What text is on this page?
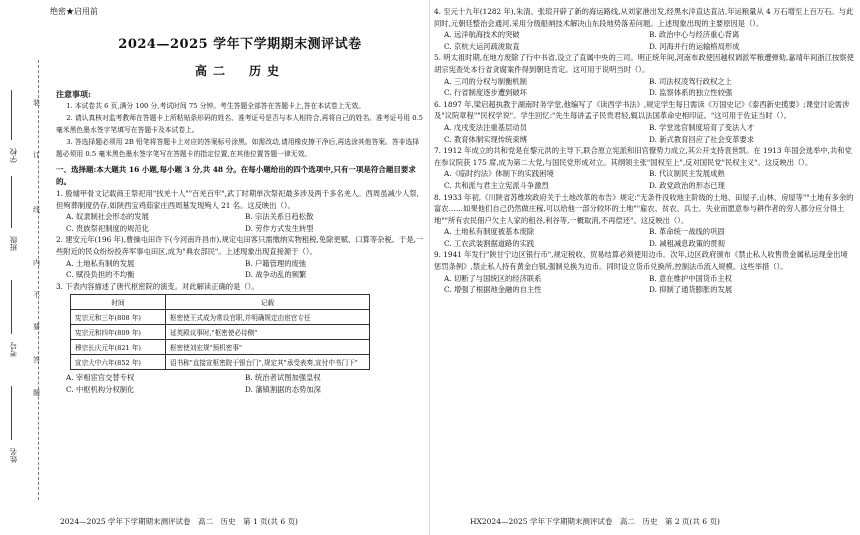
装
订
线
内
不
要
答
题
学校
班级
考号
姓名
绝密★启用前
2024—2025 学年下学期期末测评试卷
高二　历史
注意事项:

1. 本试卷共 6 页,满分 100 分,考试时间 75 分钟。考生答题全部答在答题卡上,答在本试卷上无效。

2. 请认真核对监考教师在答题卡上所粘贴条形码的姓名、准考证号是否与本人相符合,再将自己的姓名、准考证号用 0.5 毫米黑色墨水签字笔填写在答题卡及本试卷上。

3. 答选择题必须用 2B 铅笔将答题卡上对应的答案标号涂黑。如需改动,请用橡皮擦干净后,再选涂其他答案。答非选择题必须用 0.5 毫米黑色墨水签字笔写在答题卡的指定位置,在其他位置答题一律无效。

一、选择题:本大题共 16 小题,每小题 3 分,共 48 分。在每小题给出的四个选项中,只有一项是符合题目要求的。

1. 殷墟甲骨文记载商王祭祀用"找羌十人""百羌百牢",武丁时期单次祭祀最多涉及两千多名羌人。西周虽减少人祭,但殉葬制度仍存,如陕西宝鸡茹家庄西周墓发现殉人 21 名。这反映出（）。

A. 奴隶制社会形态的发展	B. 宗法关系日趋松散
C. 贵族祭祀制度的规范化	D. 劳作方式发生转型

2. 建安元年(196 年),曹操屯田许下(今河南许昌市),规定屯田客只需缴纳实物租税,免除更赋、口算等杂税。于是,一些附近的民众纷纷投奔军事屯田区,成为"典农部民"。上述现象出现直接源于（）。

A. 土地私有制的发展	B. 户籍管理的废弛
C. 赋役负担的不均衡	D. 战争动乱的频繁

3. 下表内容描述了唐代枢密院的演变。对此解读正确的是（）。

时间	记载
宪宗元和三年(808 年)	枢密使王式成为常设官职,并明确规定由宦官专任
宪宗元和四年(809 年)	延英殿议事时,"枢密使必侍侧"
穆宗长庆元年(821 年)	枢密使刘宏规"预机密事"
宣宗大中六年(852 年)	诏书称"直接宣枢密院于银台门",规定其"承受表奏,宣付中书门下"
A. 宰相宦官交替专权	B. 统治者试图加强皇权
C. 中枢机构分权制化	D. 藩镇割据的态势加深
2024—2025 学年下学期期末测评试卷　高二　历史　第 1 页(共 6 页)

4. 至元十九年(1282 年),朱清、张瑄开辟了新的海运路线,从刘家港出发,经黑水洋直达直沽,年运粮量从 4 万石增至上百万石。与此同时,元朝廷整治会通河,采用分级船闸技术解决山东段地势落差问题。上述现象出现的主要原因是（）。

A. 远洋航海技术的突破	B. 政治中心与经济重心背离
C. 京杭大运河疏浚取直	D. 河海并行的运输格局形成

5. 明太祖时期,在地方废除了行中书省,设立了直属中央的三司。明正统年间,河南布政使因越权调派军粮遭弹劾,嘉靖年间浙江按察使胡宗宪查处本行省贪腐案件得到朝廷肯定。这可用于说明当时（）。

A. 三司的分权与制衡机制	B. 司法权凌驾行政权之上
C. 行省制度逐步遭到破坏	D. 监察体系的独立性较强

6. 1897 年,梁启超执教于湖南时务学堂,他编写了《读西学书法》,规定学生每日需读《万国史记》《泰西新史揽要》;课堂讨论需涉及"议院章程""民权学说"。学生回忆:"先生每讲孟子民贵君轻,辄以法国革命史相印证。"这可用于佐证当时（）。

A. 戊戌变法注重基层动员	B. 学堂选官制度培育了变法人才
C. 教育体制实现传统束缚	D. 新式教育回应了社会变革要求

7. 1912 年成立的共和党是在黎元洪的主导下,联合原立宪派和旧官僚势力成立,其公开支持袁世凯。在 1913 年国会选举中,共和党在参议院获 175 席,成为第二大党,与国民党形成对立。其纲领主张"国权至上",反对国民党"民权主义"。这反映出（）。

A.《临时约法》体制下的实践困境	B. 代议制民主发展成熟
C. 共和派与君主立宪派斗争激烈	D. 政党政治的形态已现

8. 1933 年初,《川陕省苏维埃政府关于土地改革的布告》规定:"无条件没收地主阶级的土地、田屋子,山林、房屋等""土地有多余的富农……如果他们自己仍然做庄稼,可以给他一部分较坏的土地""雇农、贫农、兵士、失业而愿意参与耕作者的穷人都分应分得土地""所有农民佃户欠主人家的租谷,利谷等,一概取消,不再偿还"。这反映出（）。

A. 土地私有制度被基本废除	B. 革命统一战线的巩固
C. 工农武装割据道路的实践	D. 减租减息政策的贯彻

9. 1941 年发行"陕甘宁边区银行币",规定税收、贸易结算必须使用边币。次年,边区政府颁布《禁止私人收售贵金属私运现金出境惩罚条例》,禁止私人持有黄金白银,强制兑换为边币。同时设立货币兑换所,控制法币流入规模。这些举措（）。

A. 切断了与国统区的经济联系	B. 意在维护中国货币主权
C. 增强了根据地金融的自主性	D. 抑制了通货膨胀的发展
HX2024—2025 学年下学期期末测评试卷　高二　历史　第 2 页(共 6 页)
